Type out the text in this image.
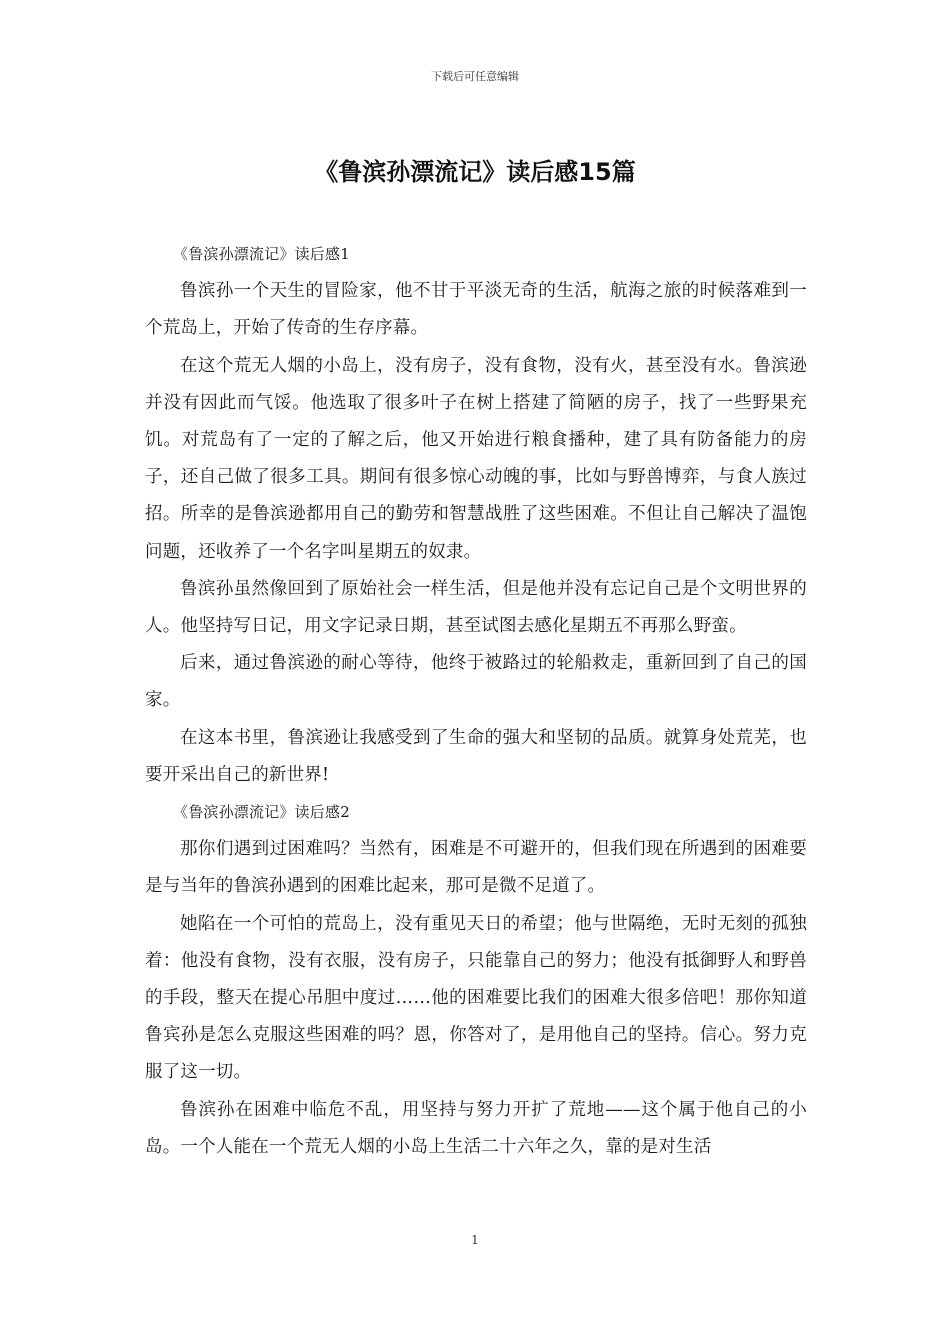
下载后可任意编辑
《鲁滨孙漂流记》读后感15篇

《鲁滨孙漂流记》读后感1

鲁滨孙一个天生的冒险家，他不甘于平淡无奇的生活，航海之旅的时候落难到一个荒岛上，开始了传奇的生存序幕。

在这个荒无人烟的小岛上，没有房子，没有食物，没有火，甚至没有水。鲁滨逊并没有因此而气馁。他选取了很多叶子在树上搭建了简陋的房子，找了一些野果充饥。对荒岛有了一定的了解之后，他又开始进行粮食播种，建了具有防备能力的房子，还自己做了很多工具。期间有很多惊心动魄的事，比如与野兽博弈，与食人族过招。所幸的是鲁滨逊都用自己的勤劳和智慧战胜了这些困难。不但让自己解决了温饱问题，还收养了一个名字叫星期五的奴隶。

鲁滨孙虽然像回到了原始社会一样生活，但是他并没有忘记自己是个文明世界的人。他坚持写日记，用文字记录日期，甚至试图去感化星期五不再那么野蛮。

后来，通过鲁滨逊的耐心等待，他终于被路过的轮船救走，重新回到了自己的国家。

在这本书里，鲁滨逊让我感受到了生命的强大和坚韧的品质。就算身处荒芜，也要开采出自己的新世界!

《鲁滨孙漂流记》读后感2

那你们遇到过困难吗？当然有，困难是不可避开的，但我们现在所遇到的困难要是与当年的鲁滨孙遇到的困难比起来，那可是微不足道了。

她陷在一个可怕的荒岛上，没有重见天日的希望；他与世隔绝，无时无刻的孤独着：他没有食物，没有衣服，没有房子，只能靠自己的努力；他没有抵御野人和野兽的手段，整天在提心吊胆中度过……他的困难要比我们的困难大很多倍吧！那你知道鲁宾孙是怎么克服这些困难的吗？恩，你答对了，是用他自己的坚持。信心。努力克服了这一切。

鲁滨孙在困难中临危不乱，用坚持与努力开扩了荒地——这个属于他自己的小岛。一个人能在一个荒无人烟的小岛上生活二十六年之久，靠的是对生活

1
